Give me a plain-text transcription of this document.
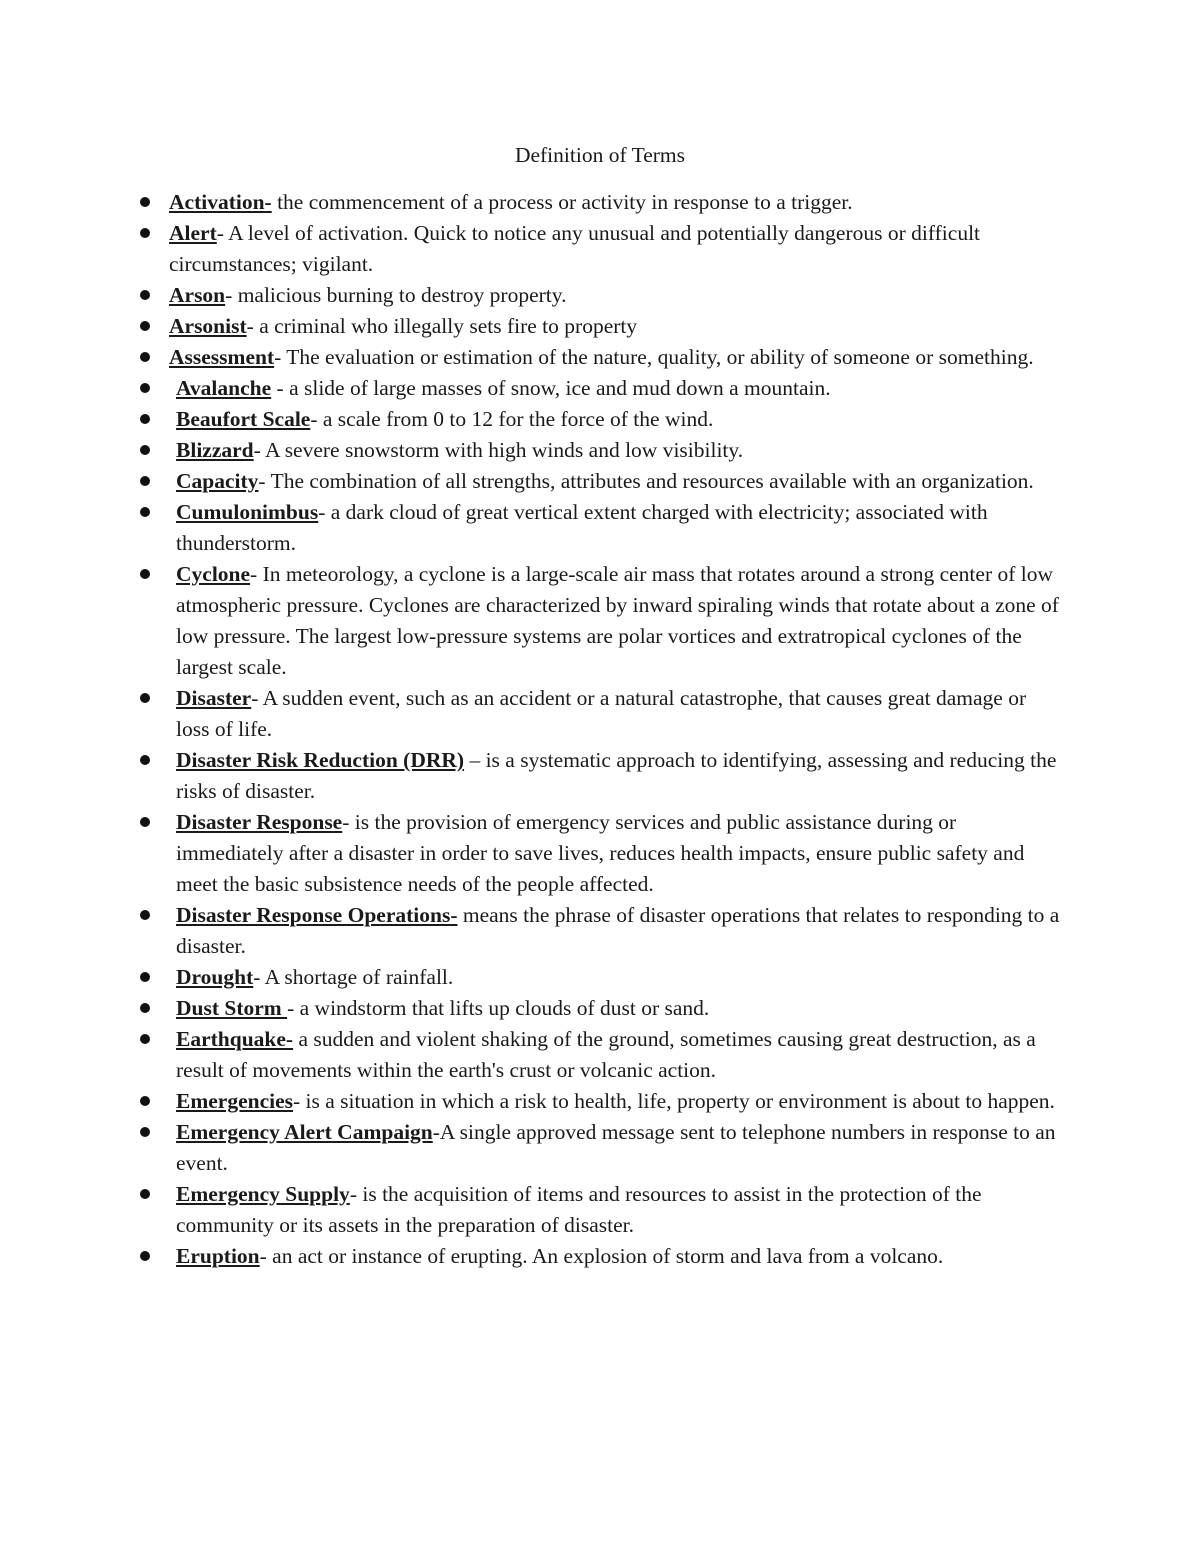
Definition of Terms
Activation- the commencement of a process or activity in response to a trigger.
Alert- A level of activation. Quick to notice any unusual and potentially dangerous or difficult circumstances; vigilant.
Arson- malicious burning to destroy property.
Arsonist- a criminal who illegally sets fire to property
Assessment- The evaluation or estimation of the nature, quality, or ability of someone or something.
Avalanche - a slide of large masses of snow, ice and mud down a mountain.
Beaufort Scale- a scale from 0 to 12 for the force of the wind.
Blizzard- A severe snowstorm with high winds and low visibility.
Capacity- The combination of all strengths, attributes and resources available with an organization.
Cumulonimbus- a dark cloud of great vertical extent charged with electricity; associated with thunderstorm.
Cyclone- In meteorology, a cyclone is a large-scale air mass that rotates around a strong center of low atmospheric pressure. Cyclones are characterized by inward spiraling winds that rotate about a zone of low pressure. The largest low-pressure systems are polar vortices and extratropical cyclones of the largest scale.
Disaster- A sudden event, such as an accident or a natural catastrophe, that causes great damage or loss of life.
Disaster Risk Reduction (DRR) – is a systematic approach to identifying, assessing and reducing the risks of disaster.
Disaster Response- is the provision of emergency services and public assistance during or immediately after a disaster in order to save lives, reduces health impacts, ensure public safety and meet the basic subsistence needs of the people affected.
Disaster Response Operations- means the phrase of disaster operations that relates to responding to a disaster.
Drought- A shortage of rainfall.
Dust Storm - a windstorm that lifts up clouds of dust or sand.
Earthquake- a sudden and violent shaking of the ground, sometimes causing great destruction, as a result of movements within the earth's crust or volcanic action.
Emergencies- is a situation in which a risk to health, life, property or environment is about to happen.
Emergency Alert Campaign-A single approved message sent to telephone numbers in response to an event.
Emergency Supply- is the acquisition of items and resources to assist in the protection of the community or its assets in the preparation of disaster.
Eruption- an act or instance of erupting. An explosion of storm and lava from a volcano.
